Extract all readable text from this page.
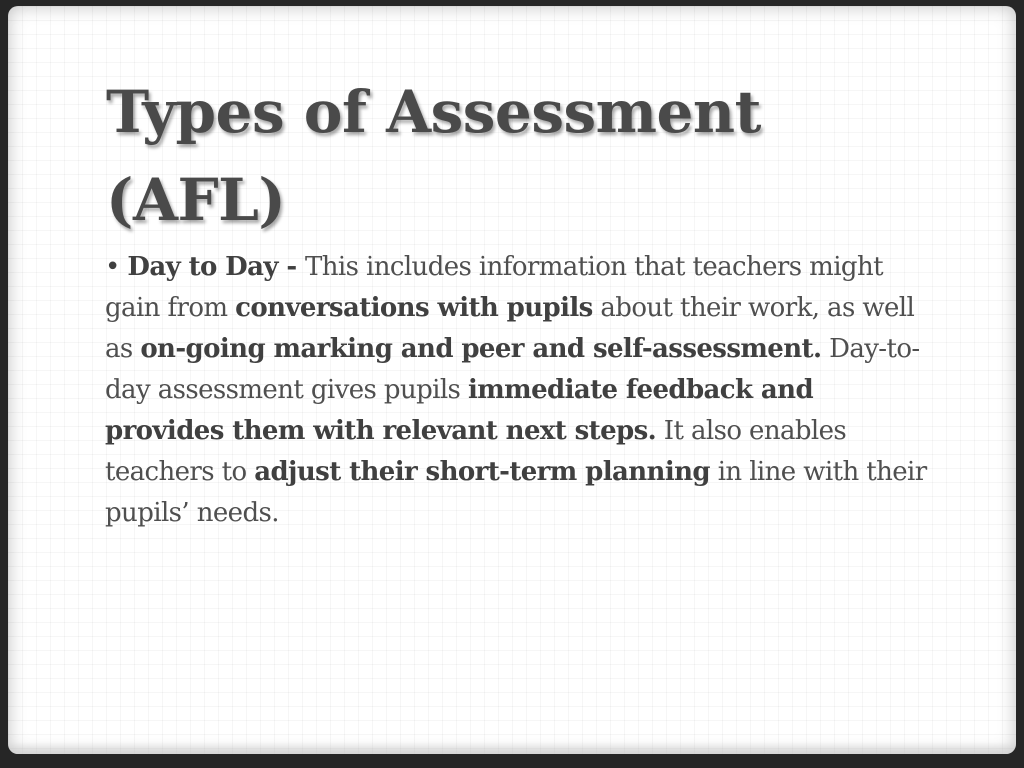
Types of Assessment (AFL)

• Day to Day - This includes information that teachers might gain from conversations with pupils about their work, as well as on-going marking and peer and self-assessment. Day-to-day assessment gives pupils immediate feedback and provides them with relevant next steps. It also enables teachers to adjust their short-term planning in line with their pupils’ needs.
